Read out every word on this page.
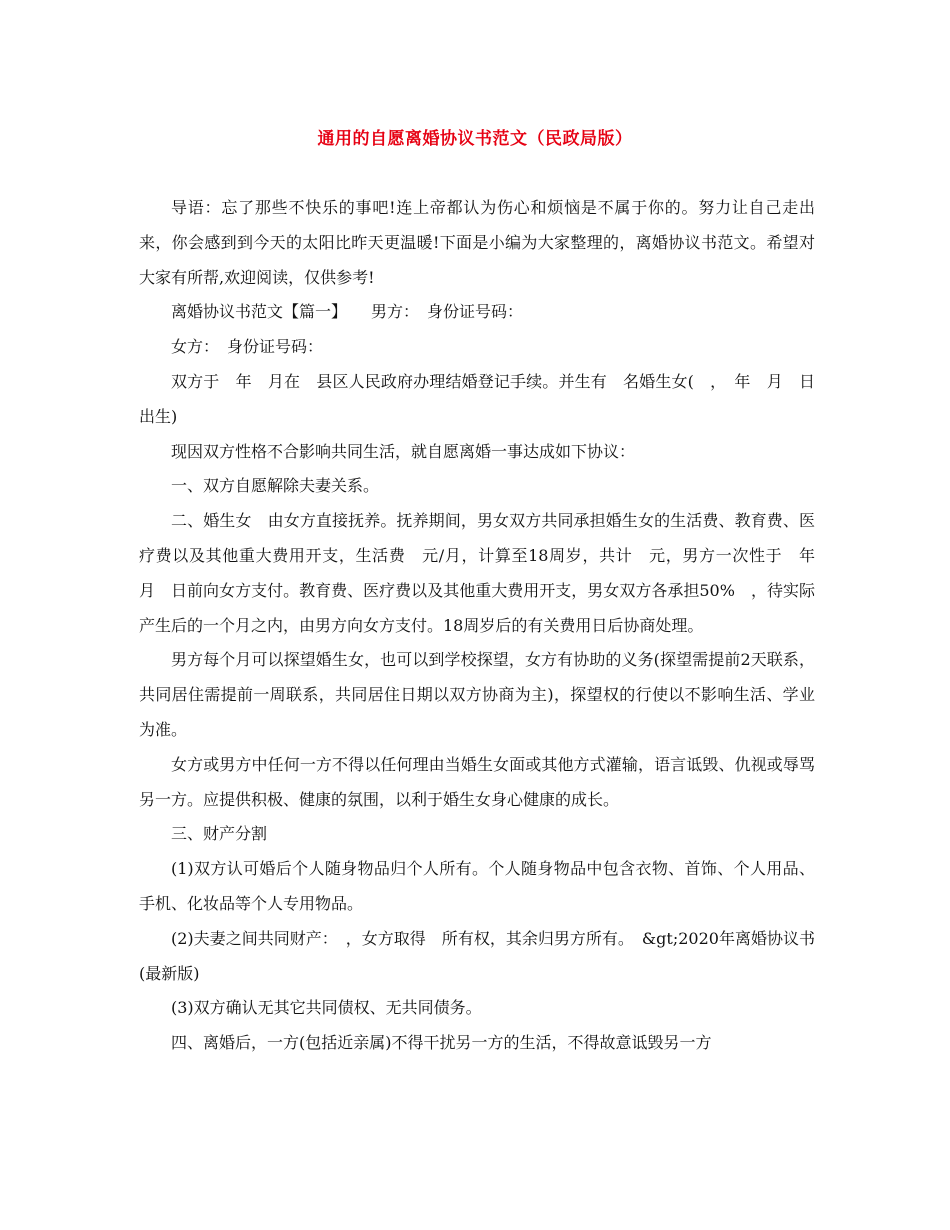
通用的自愿离婚协议书范文（民政局版）

导语：忘了那些不快乐的事吧!连上帝都认为伤心和烦恼是不属于你的。努力让自己走出来，你会感到到今天的太阳比昨天更温暖!下面是小编为大家整理的，离婚协议书范文。希望对大家有所帮,欢迎阅读，仅供参考!

离婚协议书范文【篇一】　　男方：　身份证号码：

女方：　身份证号码：

双方于　年　月在　县区人民政府办理结婚登记手续。并生有　名婚生女(　，　年　月　日出生)

现因双方性格不合影响共同生活，就自愿离婚一事达成如下协议：

一、双方自愿解除夫妻关系。

二、婚生女　由女方直接抚养。抚养期间，男女双方共同承担婚生女的生活费、教育费、医疗费以及其他重大费用开支，生活费　元/月，计算至18周岁，共计　元，男方一次性于　年　月　日前向女方支付。教育费、医疗费以及其他重大费用开支，男女双方各承担50%　，待实际产生后的一个月之内，由男方向女方支付。18周岁后的有关费用日后协商处理。

男方每个月可以探望婚生女，也可以到学校探望，女方有协助的义务(探望需提前2天联系，共同居住需提前一周联系，共同居住日期以双方协商为主)，探望权的行使以不影响生活、学业为准。

女方或男方中任何一方不得以任何理由当婚生女面或其他方式灌输，语言诋毁、仇视或辱骂另一方。应提供积极、健康的氛围，以利于婚生女身心健康的成长。

三、财产分割

(1)双方认可婚后个人随身物品归个人所有。个人随身物品中包含衣物、首饰、个人用品、手机、化妆品等个人专用物品。

(2)夫妻之间共同财产：　，女方取得　所有权，其余归男方所有。　&gt;2020年离婚协议书(最新版)

(3)双方确认无其它共同债权、无共同债务。

四、离婚后，一方(包括近亲属)不得干扰另一方的生活，不得故意诋毁另一方
